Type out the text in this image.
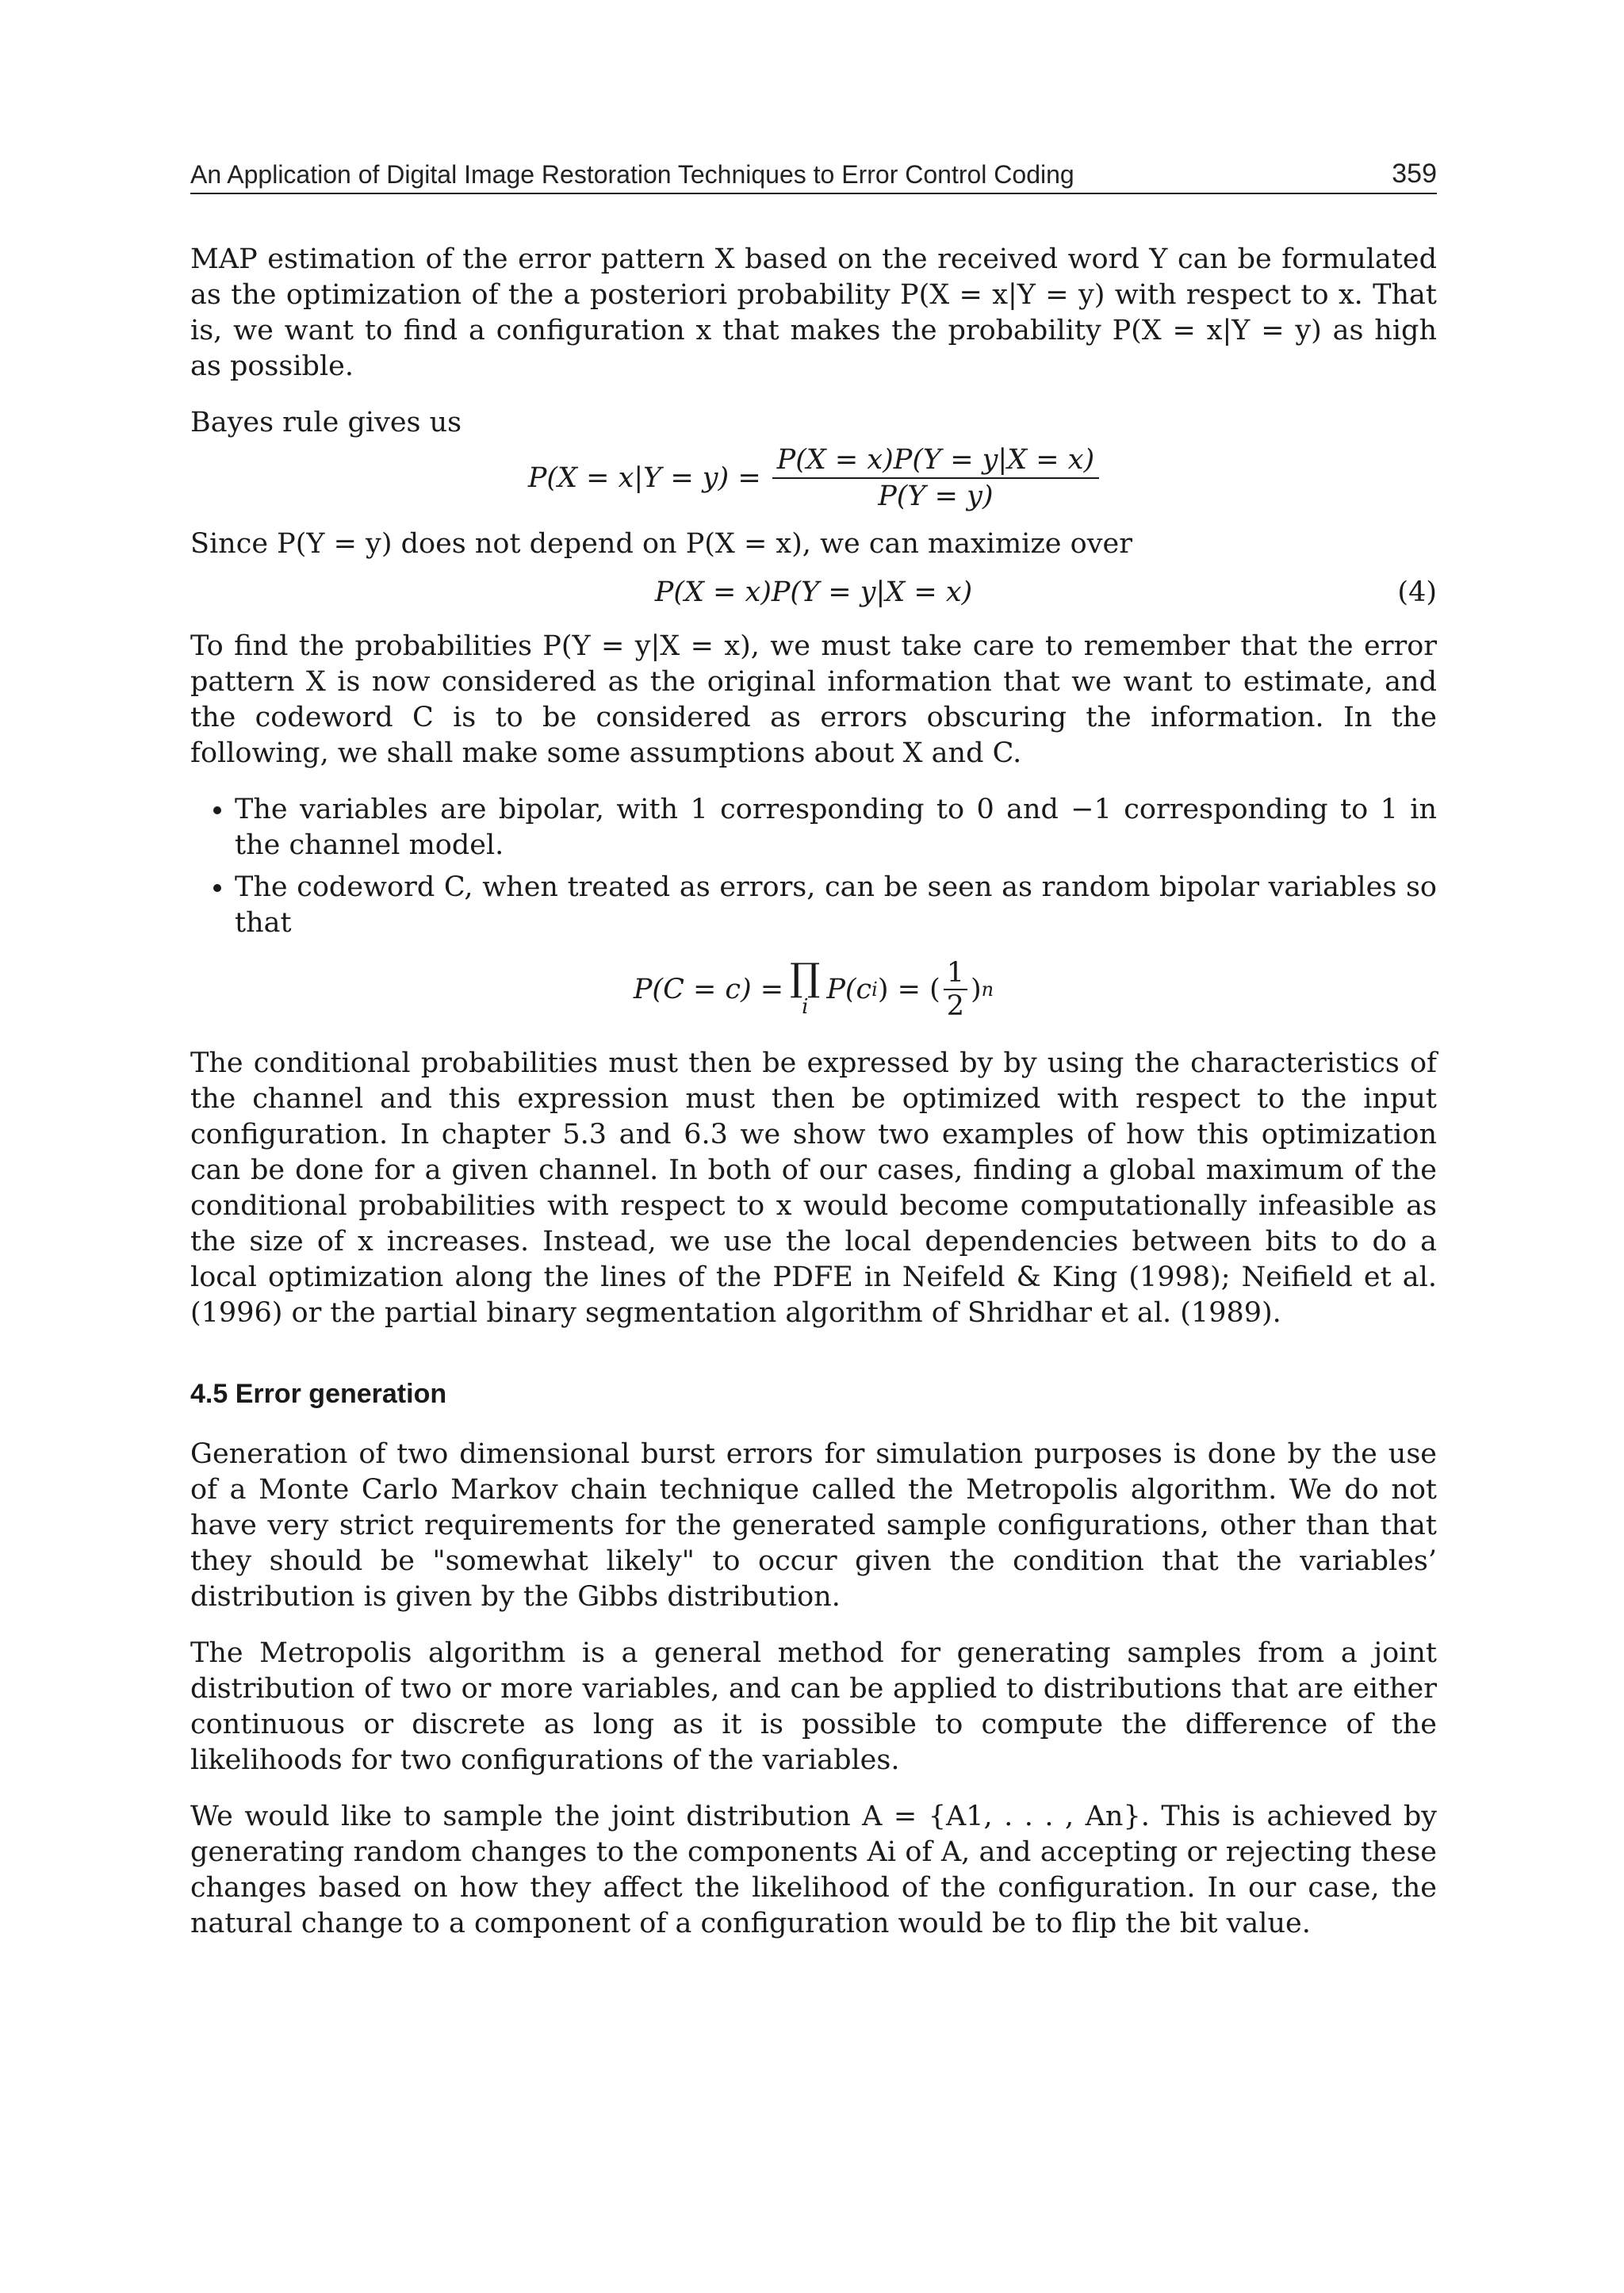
An Application of Digital Image Restoration Techniques to Error Control Coding	359

MAP estimation of the error pattern X based on the received word Y can be formulated as the optimization of the a posteriori probability P(X = x|Y = y) with respect to x. That is, we want to find a configuration x that makes the probability P(X = x|Y = y) as high as possible.

Bayes rule gives us

$P(X = x|Y = y) = \frac{P(X = x)P(Y = y|X = x)}{P(Y = y)}$

Since P(Y = y) does not depend on P(X = x), we can maximize over

P(X = x)P(Y = y|X = x)	(4)

To find the probabilities P(Y = y|X = x), we must take care to remember that the error pattern X is now considered as the original information that we want to estimate, and the codeword C is to be considered as errors obscuring the information. In the following, we shall make some assumptions about X and C.

• The variables are bipolar, with 1 corresponding to 0 and −1 corresponding to 1 in the channel model.
• The codeword C, when treated as errors, can be seen as random bipolar variables so that
P(C = c) = ∏
i
P(c i ) = ( $\frac{1}{2}$ ) n

The conditional probabilities must then be expressed by by using the characteristics of the channel and this expression must then be optimized with respect to the input configuration. In chapter 5.3 and 6.3 we show two examples of how this optimization can be done for a given channel. In both of our cases, finding a global maximum of the conditional probabilities with respect to x would become computationally infeasible as the size of x increases. Instead, we use the local dependencies between bits to do a local optimization along the lines of the PDFE in Neifeld & King (1998); Neifield et al. (1996) or the partial binary segmentation algorithm of Shridhar et al. (1989).

4.5 Error generation

Generation of two dimensional burst errors for simulation purposes is done by the use of a Monte Carlo Markov chain technique called the Metropolis algorithm. We do not have very strict requirements for the generated sample configurations, other than that they should be "somewhat likely" to occur given the condition that the variables’ distribution is given by the Gibbs distribution.

The Metropolis algorithm is a general method for generating samples from a joint distribution of two or more variables, and can be applied to distributions that are either continuous or discrete as long as it is possible to compute the difference of the likelihoods for two configurations of the variables.

We would like to sample the joint distribution A = {A1, . . . , An}. This is achieved by generating random changes to the components Ai of A, and accepting or rejecting these changes based on how they affect the likelihood of the configuration. In our case, the natural change to a component of a configuration would be to flip the bit value.
